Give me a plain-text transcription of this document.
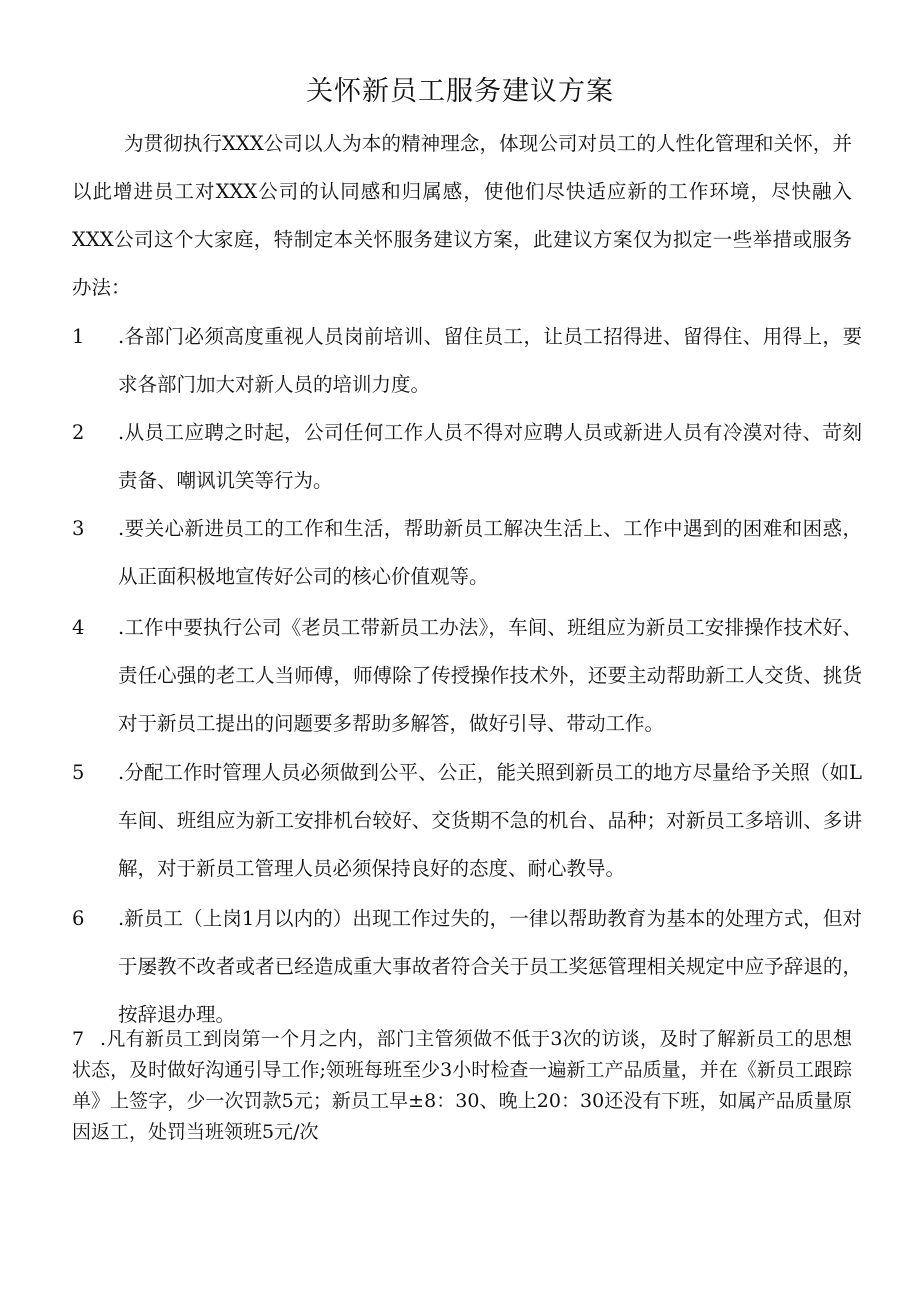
关怀新员工服务建议方案

为贯彻执行XXX公司以人为本的精神理念，体现公司对员工的人性化管理和关怀，并以此增进员工对XXX公司的认同感和归属感，使他们尽快适应新的工作环境，尽快融入XXX公司这个大家庭，特制定本关怀服务建议方案，此建议方案仅为拟定一些举措或服务办法：

1 .各部门必须高度重视人员岗前培训、留住员工，让员工招得进、留得住、用得上，要求各部门加大对新人员的培训力度。

2 .从员工应聘之时起，公司任何工作人员不得对应聘人员或新进人员有冷漠对待、苛刻责备、嘲讽讥笑等行为。

3 .要关心新进员工的工作和生活，帮助新员工解决生活上、工作中遇到的困难和困惑，从正面积极地宣传好公司的核心价值观等。

4 .工作中要执行公司《老员工带新员工办法》，车间、班组应为新员工安排操作技术好、责任心强的老工人当师傅，师傅除了传授操作技术外，还要主动帮助新工人交货、挑货对于新员工提出的问题要多帮助多解答，做好引导、带动工作。

5 .分配工作时管理人员必须做到公平、公正，能关照到新员工的地方尽量给予关照（如L车间、班组应为新工安排机台较好、交货期不急的机台、品种；对新员工多培训、多讲解，对于新员工管理人员必须保持良好的态度、耐心教导。

6 .新员工（上岗1月以内的）出现工作过失的，一律以帮助教育为基本的处理方式，但对于屡教不改者或者已经造成重大事故者符合关于员工奖惩管理相关规定中应予辞退的，按辞退办理。

7 .凡有新员工到岗第一个月之内，部门主管须做不低于3次的访谈，及时了解新员工的思想状态，及时做好沟通引导工作;领班每班至少3小时检查一遍新工产品质量，并在《新员工跟踪单》上签字，少一次罚款5元；新员工早±8：30、晚上20：30还没有下班，如属产品质量原因返工，处罚当班领班5元/次
